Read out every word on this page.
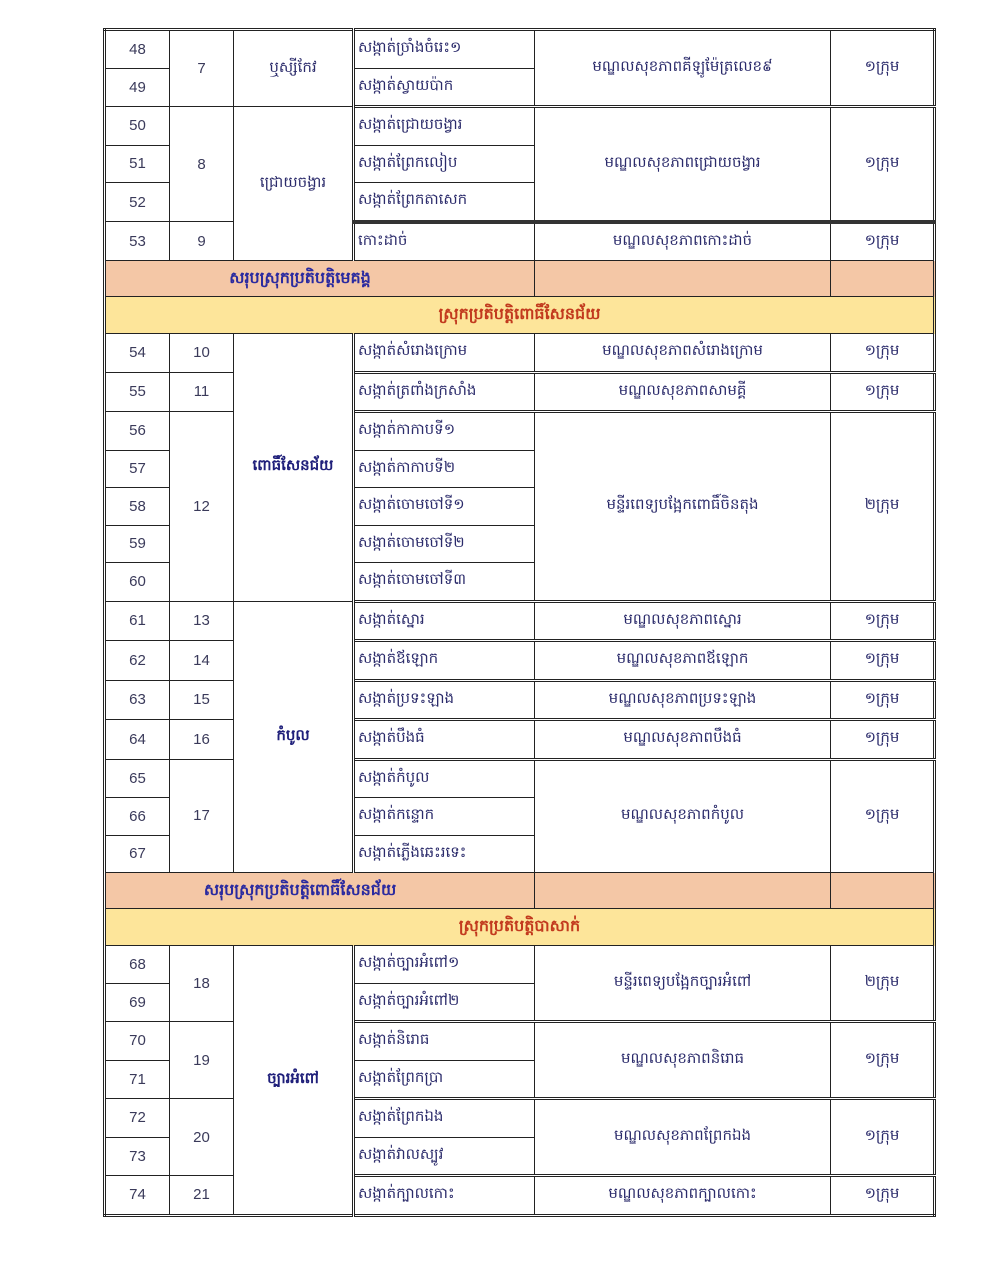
48	7	ឬស្សីកែវ	សង្កាត់ច្រាំងចំរេះ១	មណ្ឌលសុខភាពគីឡូម៉ែត្រលេខ៩	១ក្រុម
49			សង្កាត់ស្វាយប៉ាក		
50	8	ជ្រោយចង្វារ	សង្កាត់ជ្រោយចង្វារ	មណ្ឌលសុខភាពជ្រោយចង្វារ	១ក្រុម
51			សង្កាត់ព្រែកលៀប		
52			សង្កាត់ព្រែកតាសេក		
53	9		កោះដាច់	មណ្ឌលសុខភាពកោះដាច់	១ក្រុម
សរុបស្រុកប្រតិបត្តិមេគង្គ					
ស្រុកប្រតិបត្តិពោធិ៍សែនជ័យ					
54	10	ពោធិ៍សែនជ័យ	សង្កាត់សំរោងក្រោម	មណ្ឌលសុខភាពសំរោងក្រោម	១ក្រុម
55	11		សង្កាត់ត្រពាំងក្រសាំង	មណ្ឌលសុខភាពសាមគ្គី	១ក្រុម
56	12		សង្កាត់កាកាបទី១	មន្ទីរពេទ្យបង្អែកពោធិ៍ចិនតុង	២ក្រុម
57			សង្កាត់កាកាបទី២		
58			សង្កាត់ចោមចៅទី១		
59			សង្កាត់ចោមចៅទី២		
60			សង្កាត់ចោមចៅទី៣		
61	13	កំបូល	សង្កាត់ស្នោរ	មណ្ឌលសុខភាពស្នោរ	១ក្រុម
62	14		សង្កាត់ឪឡោក	មណ្ឌលសុខភាពឪឡោក	១ក្រុម
63	15		សង្កាត់ប្រទះឡាង	មណ្ឌលសុខភាពប្រទះឡាង	១ក្រុម
64	16		សង្កាត់បឹងធំ	មណ្ឌលសុខភាពបឹងធំ	១ក្រុម
65	17		សង្កាត់កំបូល	មណ្ឌលសុខភាពកំបូល	១ក្រុម
66			សង្កាត់កន្ទោក		
67			សង្កាត់ភ្លើងឆេះរទេះ		
សរុបស្រុកប្រតិបត្តិពោធិ៍សែនជ័យ					
ស្រុកប្រតិបត្តិបាសាក់					
68	18	ច្បារអំពៅ	សង្កាត់ច្បារអំពៅ១	មន្ទីរពេទ្យបង្អែកច្បារអំពៅ	២ក្រុម
69			សង្កាត់ច្បារអំពៅ២		
70	19		សង្កាត់និរោធ	មណ្ឌលសុខភាពនិរោធ	១ក្រុម
71			សង្កាត់ព្រែកប្រា		
72	20		សង្កាត់ព្រែកឯង	មណ្ឌលសុខភាពព្រែកឯង	១ក្រុម
73			សង្កាត់វាលស្បូវ		
74	21		សង្កាត់ក្បាលកោះ	មណ្ឌលសុខភាពក្បាលកោះ	១ក្រុម
